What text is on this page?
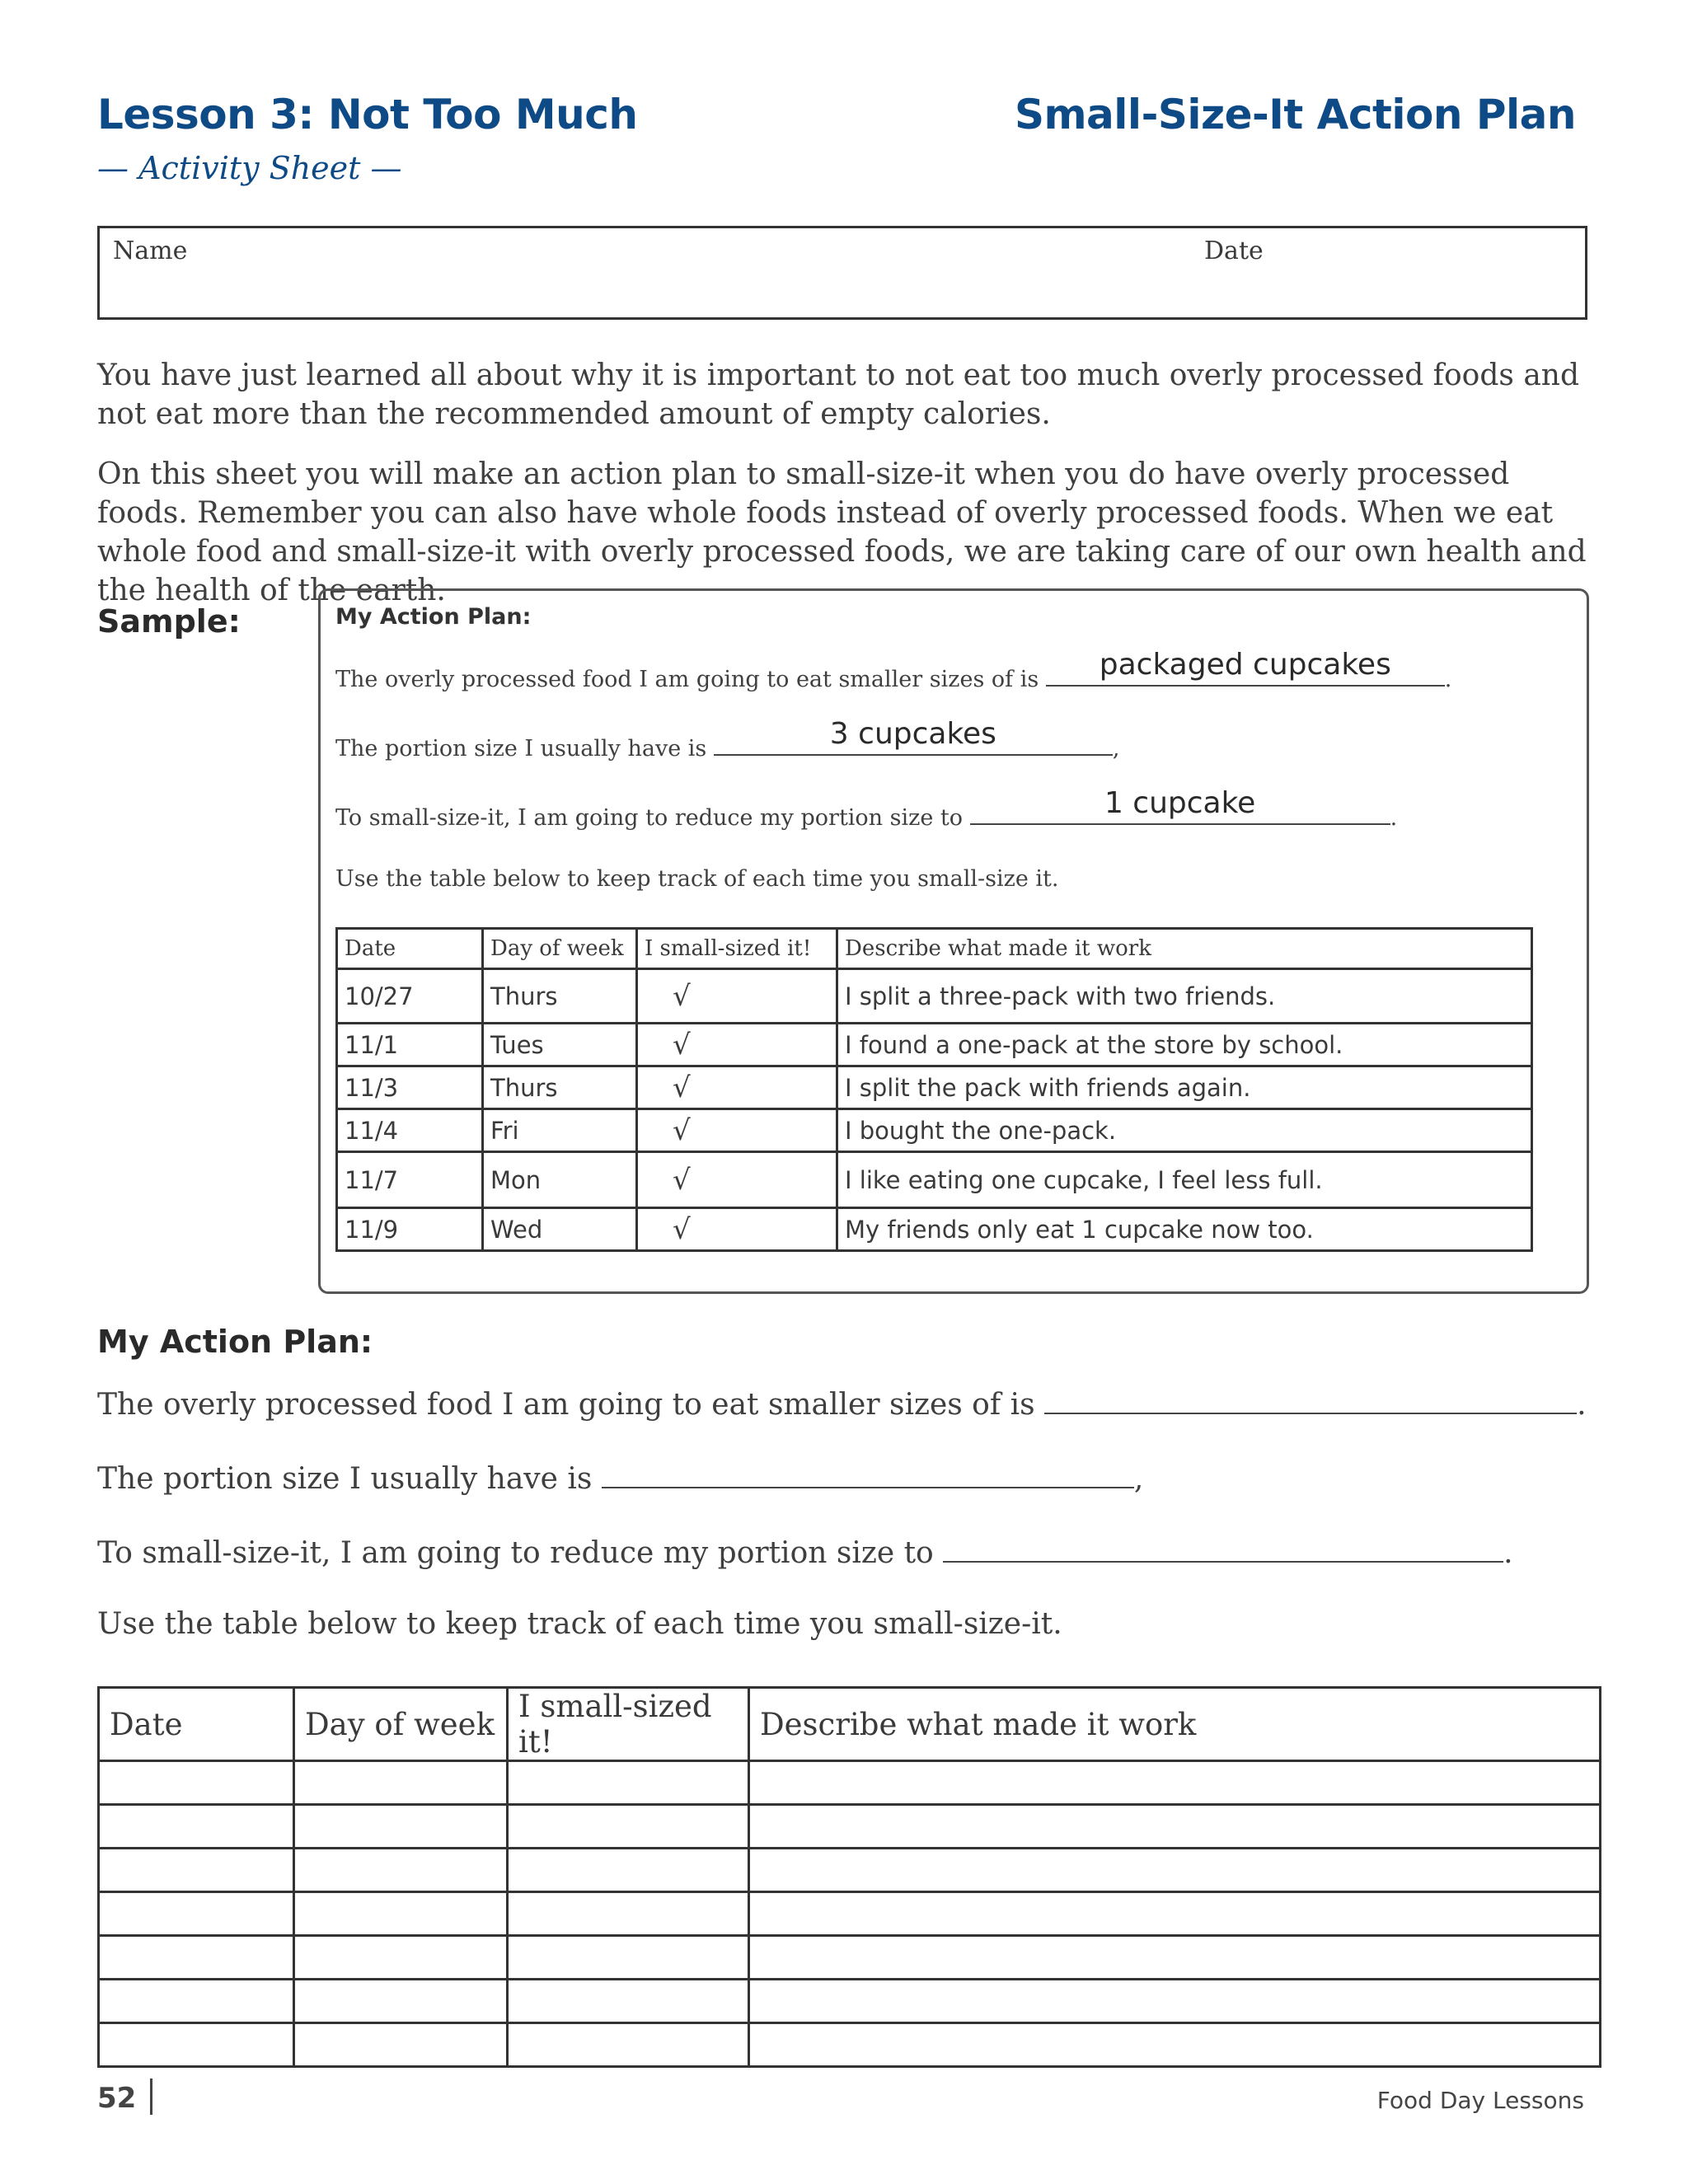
Lesson 3: Not Too Much	Small-Size-It Action Plan
— Activity Sheet —
Name	Date
You have just learned all about why it is important to not eat too much overly processed foods and not eat more than the recommended amount of empty calories.
On this sheet you will make an action plan to small-size-it when you do have overly processed foods. Remember you can also have whole foods instead of overly processed foods. When we eat whole food and small-size-it with overly processed foods, we are taking care of our own health and the health of the earth.
Sample:	My Action Plan:
The overly processed food I am going to eat smaller sizes of is	packaged cupcakes	.
The portion size I usually have is	3 cupcakes	,
To small-size-it, I am going to reduce my portion size to	1 cupcake	.
Use the table below to keep track of each time you small-size it.
Date	Day of week	I small-sized it!	Describe what made it work
10/27	Thurs	√	I split a three-pack with two friends.
11/1	Tues	√	I found a one-pack at the store by school.
11/3	Thurs	√	I split the pack with friends again.
11/4	Fri	√	I bought the one-pack.
11/7	Mon	√	I like eating one cupcake, I feel less full.
11/9	Wed	√	My friends only eat 1 cupcake now too.
My Action Plan:
The overly processed food I am going to eat smaller sizes of is	.
The portion size I usually have is	,
To small-size-it, I am going to reduce my portion size to	.
Use the table below to keep track of each time you small-size-it.
Date	Day of week	I small-sized it!	Describe what made it work

52	Food Day Lessons
